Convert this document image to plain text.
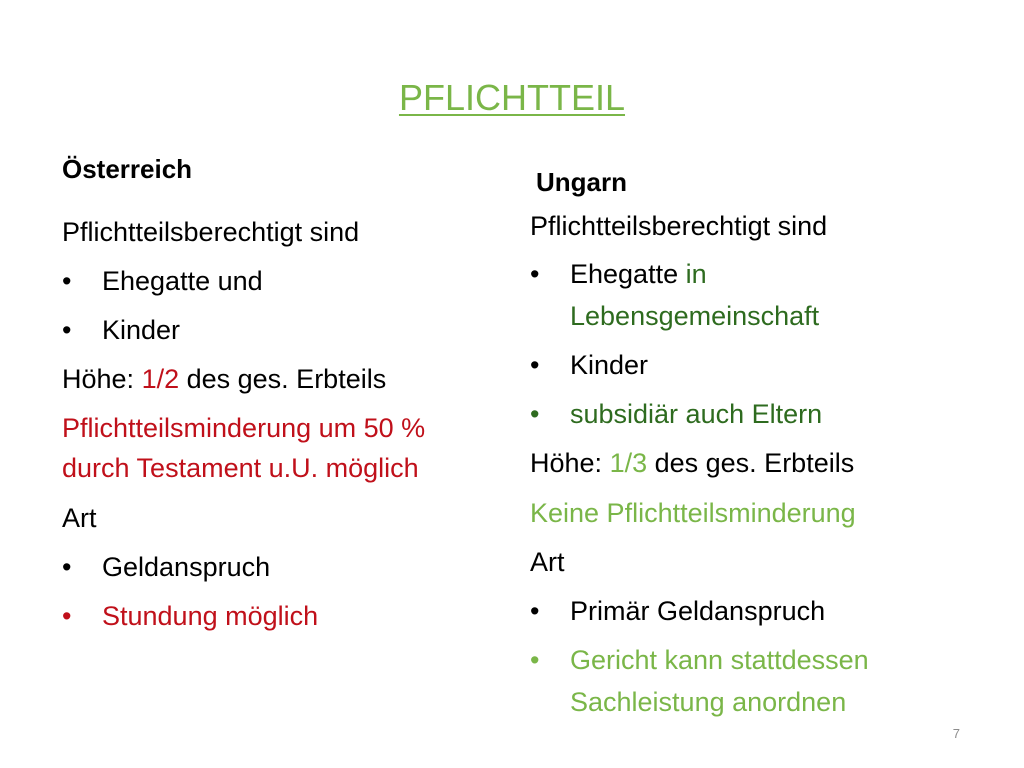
PFLICHTTEIL
Österreich
Pflichtteilsberechtigt sind
• Ehegatte und
• Kinder
Höhe: 1/2 des ges. Erbteils
Pflichtteilsminderung um 50 %
durch Testament u.U. möglich
Art
• Geldanspruch
• Stundung möglich
Ungarn
Pflichtteilsberechtigt sind
• Ehegatte in
Lebensgemeinschaft
• Kinder
• subsidiär auch Eltern
Höhe: 1/3 des ges. Erbteils
Keine Pflichtteilsminderung
Art
• Primär Geldanspruch
• Gericht kann stattdessen
Sachleistung anordnen
7
